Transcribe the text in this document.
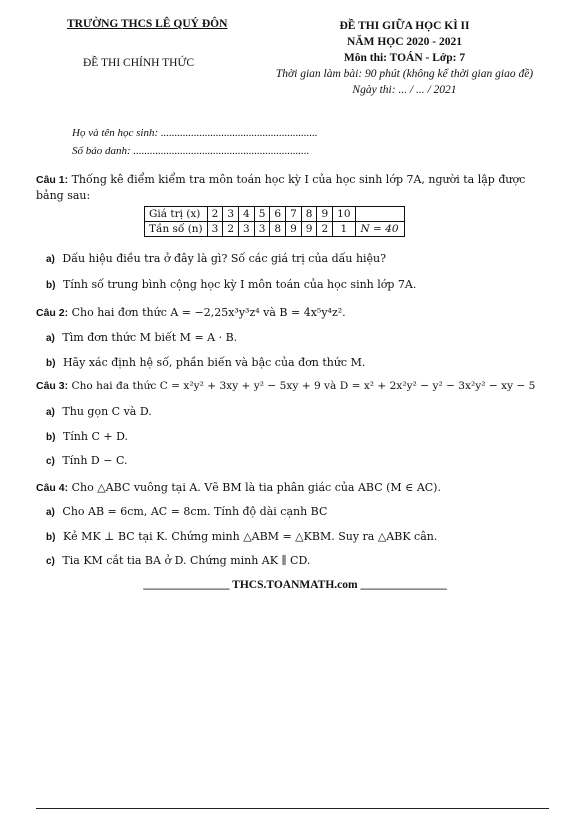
TRƯỜNG THCS LÊ QUÝ ĐÔN
ĐỀ THI CHÍNH THỨC
ĐỀ THI GIỮA HỌC KÌ II
NĂM HỌC 2020 - 2021
Môn thi: TOÁN - Lớp: 7
Thời gian làm bài: 90 phút (không kể thời gian giao đề)
Ngày thi: ... / ... / 2021
Họ và tên học sinh: .........................................................
Số báo danh: ................................................................
Câu 1: Thống kê điểm kiểm tra môn toán học kỳ I của học sinh lớp 7A, người ta lập được bảng sau:
Giá trị (x)	2	3	4	5	6	7	8	9	10	
Tần số (n)	3	2	3	3	8	9	9	2	1	N = 40
a) Dấu hiệu điều tra ở đây là gì? Số các giá trị của dấu hiệu?
b) Tính số trung bình cộng học kỳ I môn toán của học sinh lớp 7A.
Câu 2: Cho hai đơn thức A = −2,25x³y³z⁴ và B = 4x⁵y⁴z².
a) Tìm đơn thức M biết M = A · B.
b) Hãy xác định hệ số, phần biến và bậc của đơn thức M.
Câu 3: Cho hai đa thức C = x²y² + 3xy + y² − 5xy + 9 và D = x² + 2x²y² − y² − 3x²y² − xy − 5
a) Thu gọn C và D.
b) Tính C + D.
c) Tính D − C.
Câu 4: Cho △ABC vuông tại A. Vẽ BM là tia phân giác của ABC (M ∈ AC).
a) Cho AB = 6cm, AC = 8cm. Tính độ dài cạnh BC
b) Kẻ MK ⊥ BC tại K. Chứng minh △ABM = △KBM. Suy ra △ABK cân.
c) Tia KM cắt tia BA ở D. Chứng minh AK ∥ CD.
_______________ THCS.TOANMATH.com _______________
